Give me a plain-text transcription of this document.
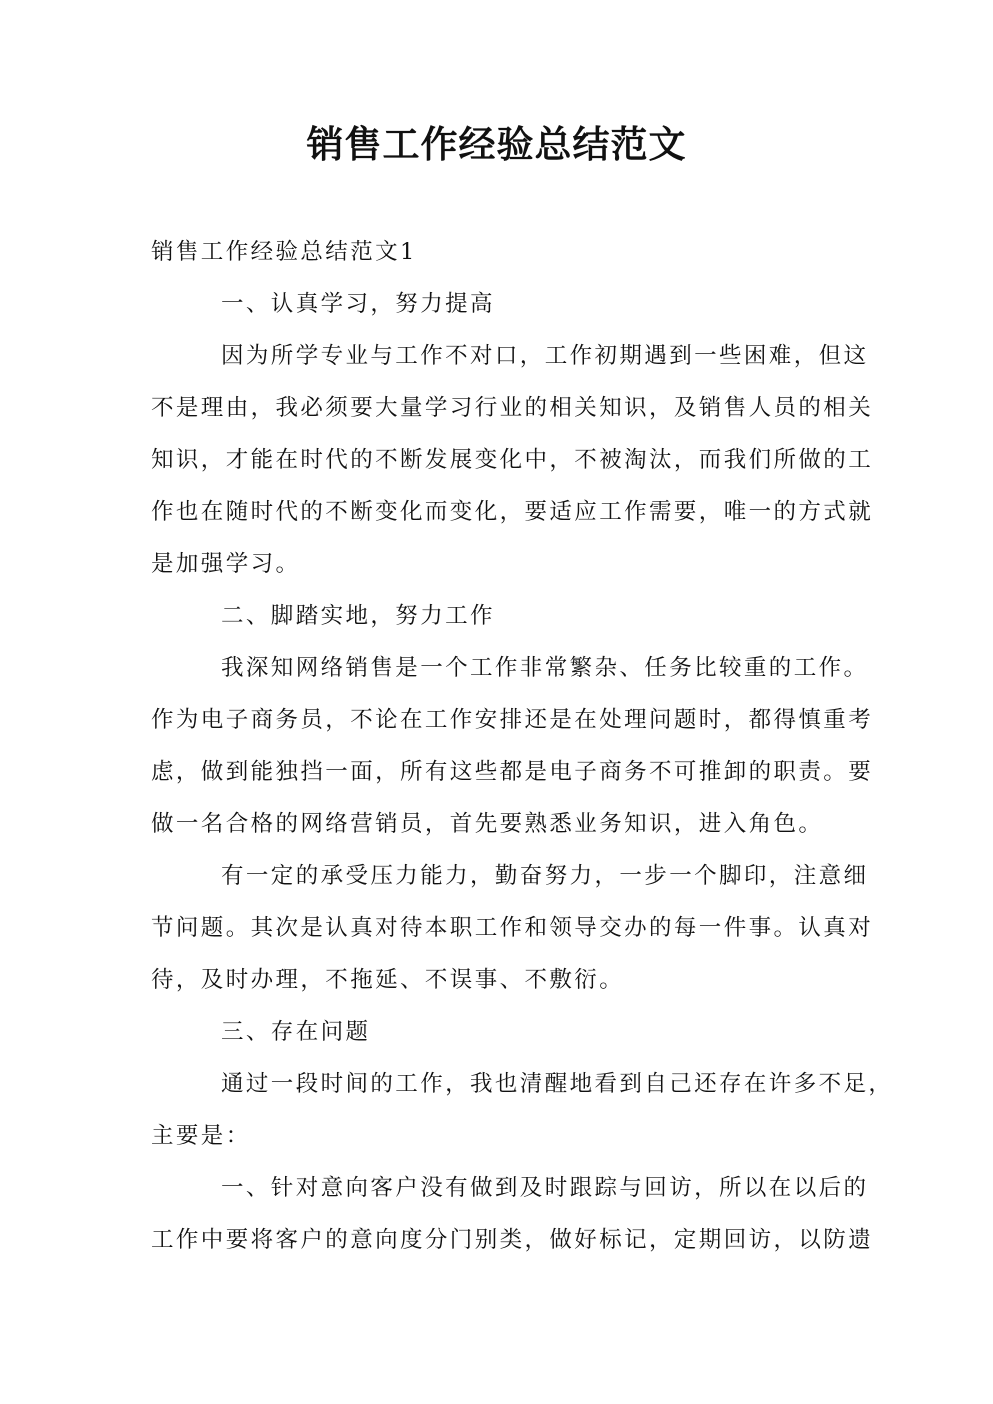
销售工作经验总结范文

销售工作经验总结范文1

一、认真学习，努力提高

因为所学专业与工作不对口，工作初期遇到一些困难，但这

不是理由，我必须要大量学习行业的相关知识，及销售人员的相关

知识，才能在时代的不断发展变化中，不被淘汰，而我们所做的工

作也在随时代的不断变化而变化，要适应工作需要，唯一的方式就

是加强学习。

二、脚踏实地，努力工作

我深知网络销售是一个工作非常繁杂、任务比较重的工作。

作为电子商务员，不论在工作安排还是在处理问题时，都得慎重考

虑，做到能独挡一面，所有这些都是电子商务不可推卸的职责。要

做一名合格的网络营销员，首先要熟悉业务知识，进入角色。

有一定的承受压力能力，勤奋努力，一步一个脚印，注意细

节问题。其次是认真对待本职工作和领导交办的每一件事。认真对

待，及时办理，不拖延、不误事、不敷衍。

三、存在问题

通过一段时间的工作，我也清醒地看到自己还存在许多不足，

主要是：

一、针对意向客户没有做到及时跟踪与回访，所以在以后的

工作中要将客户的意向度分门别类，做好标记，定期回访，以防遗
